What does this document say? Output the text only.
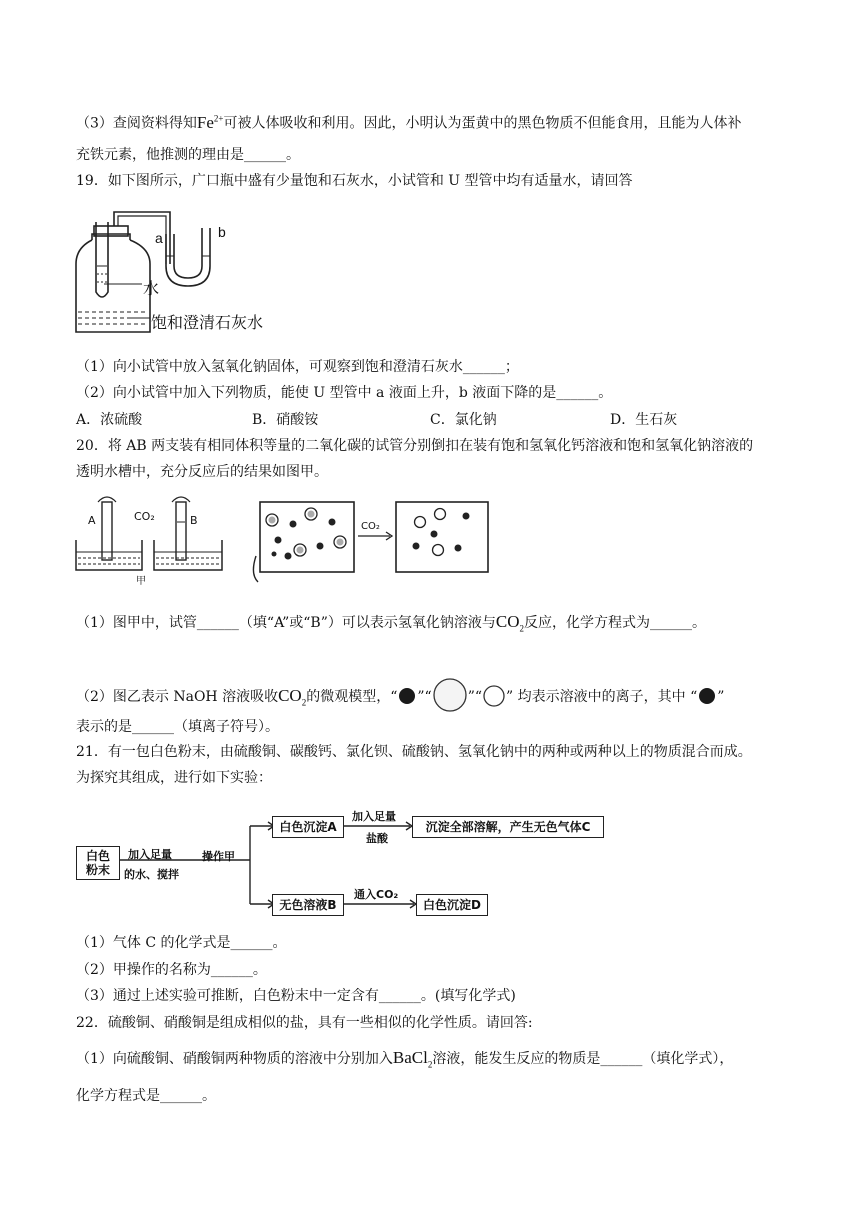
（3）查阅资料得知$Fe^{2+}$可被人体吸收和利用。因此，小明认为蛋黄中的黑色物质不但能食用，且能为人体补
充铁元素，他推测的理由是______。
19．如下图所示，广口瓶中盛有少量饱和石灰水，小试管和 U 型管中均有适量水，请回答
a	b
水
饱和澄清石灰水
（1）向小试管中放入氢氧化钠固体，可观察到饱和澄清石灰水______；
（2）向小试管中加入下列物质，能使 U 型管中 a 液面上升，b 液面下降的是______。
A．浓硫酸	B．硝酸铵	C．氯化钠	D．生石灰
20．将 AB 两支装有相同体积等量的二氧化碳的试管分别倒扣在装有饱和氢氧化钙溶液和饱和氢氧化钠溶液的
透明水槽中，充分反应后的结果如图甲。
A	CO₂	B
甲
CO₂
（1）图甲中，试管______（填“A”或“B”）可以表示氢氧化钠溶液与$CO_2$反应，化学方程式为______。
（2）图乙表示 NaOH 溶液吸收$CO_2$的微观模型，“ ”“	”“ ” 均表示溶液中的离子，其中 “ ”
表示的是______（填离子符号）。
21．有一包白色粉末，由硫酸铜、碳酸钙、氯化钡、硫酸钠、氢氧化钠中的两种或两种以上的物质混合而成。
为探究其组成，进行如下实验：
白色
粉末
加入足量
的水、搅拌
操作甲
白色沉淀A
加入足量
盐酸
沉淀全部溶解，产生无色气体C
无色溶液B
通入CO₂
白色沉淀D
（1）气体 C 的化学式是______。
（2）甲操作的名称为______。
（3）通过上述实验可推断，白色粉末中一定含有______。(填写化学式)
22．硫酸铜、硝酸铜是组成相似的盐，具有一些相似的化学性质。请回答:
（1）向硫酸铜、硝酸铜两种物质的溶液中分别加入BaCl$_2$溶液，能发生反应的物质是______（填化学式），
化学方程式是______。
